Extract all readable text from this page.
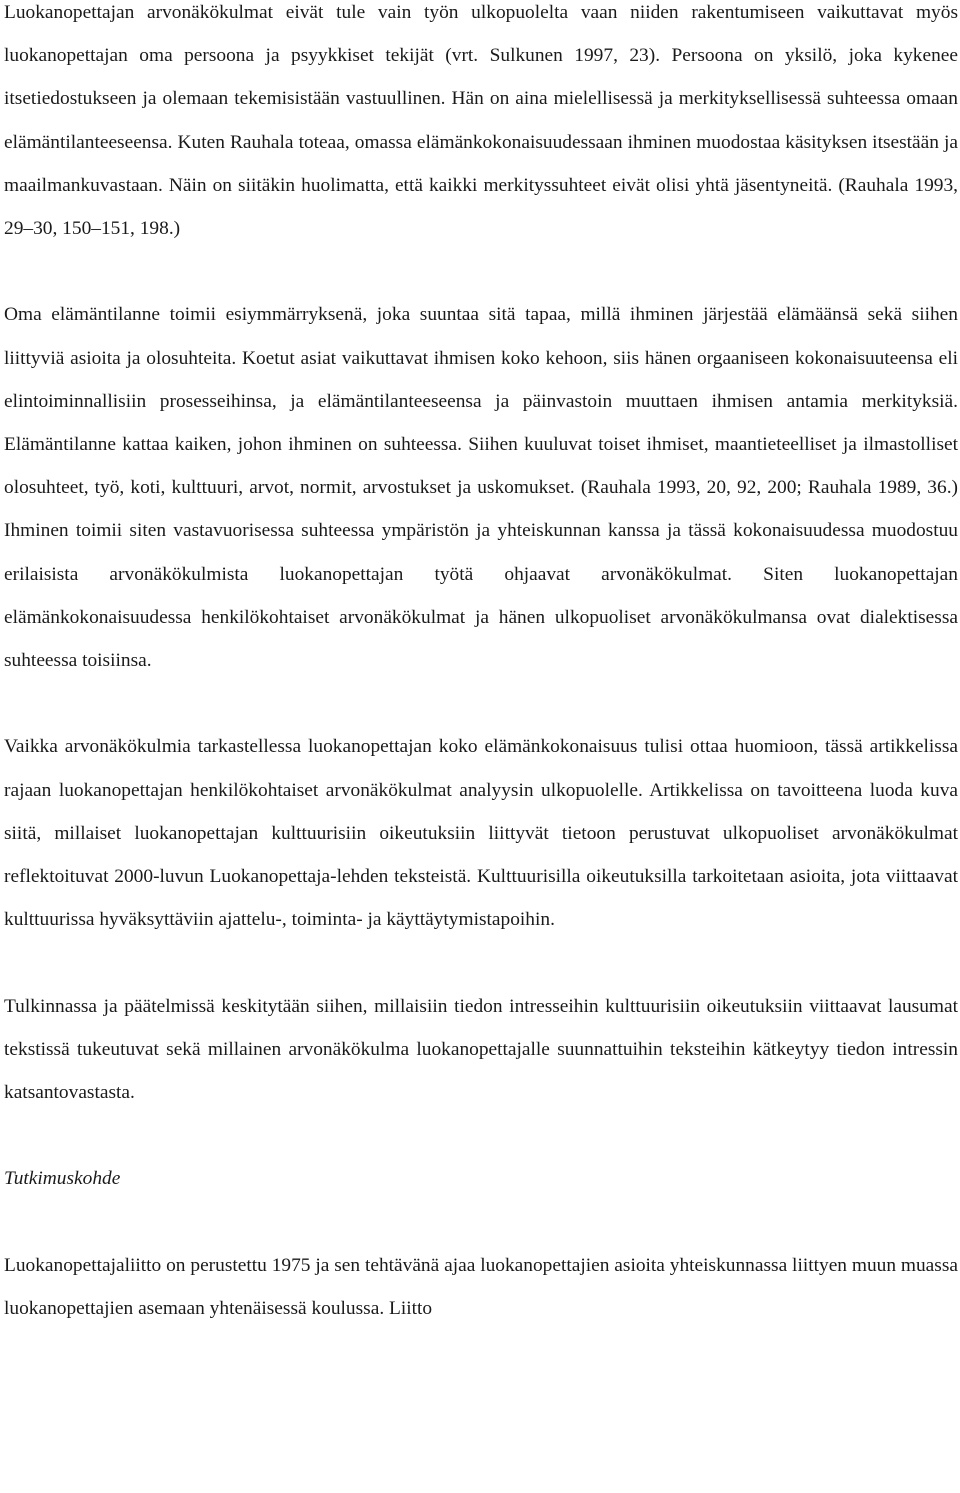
Luokanopettajan arvonäkökulmat eivät tule vain työn ulkopuolelta vaan niiden rakentumiseen vaikuttavat myös luokanopettajan oma persoona ja psyykkiset tekijät (vrt. Sulkunen 1997, 23). Persoona on yksilö, joka kykenee itsetiedostukseen ja olemaan tekemisistään vastuullinen. Hän on aina mielellisessä ja merkityksellisessä suhteessa omaan elämäntilanteeseensa. Kuten Rauhala toteaa, omassa elämänkokonaisuudessaan ihminen muodostaa käsityksen itsestään ja maailmankuvastaan. Näin on siitäkin huolimatta, että kaikki merkityssuhteet eivät olisi yhtä jäsentyneitä. (Rauhala 1993, 29–30, 150–151, 198.)

Oma elämäntilanne toimii esiymmärryksenä, joka suuntaa sitä tapaa, millä ihminen järjestää elämäänsä sekä siihen liittyviä asioita ja olosuhteita. Koetut asiat vaikuttavat ihmisen koko kehoon, siis hänen orgaaniseen kokonaisuuteensa eli elintoiminnallisiin prosesseihinsa, ja elämäntilanteeseensa ja päinvastoin muuttaen ihmisen antamia merkityksiä. Elämäntilanne kattaa kaiken, johon ihminen on suhteessa. Siihen kuuluvat toiset ihmiset, maantieteelliset ja ilmastolliset olosuhteet, työ, koti, kulttuuri, arvot, normit, arvostukset ja uskomukset. (Rauhala 1993, 20, 92, 200; Rauhala 1989, 36.) Ihminen toimii siten vastavuorisessa suhteessa ympäristön ja yhteiskunnan kanssa ja tässä kokonaisuudessa muodostuu erilaisista arvonäkökulmista luokanopettajan työtä ohjaavat arvonäkökulmat. Siten luokanopettajan elämänkokonaisuudessa henkilökohtaiset arvonäkökulmat ja hänen ulkopuoliset arvonäkökulmansa ovat dialektisessa suhteessa toisiinsa.

Vaikka arvonäkökulmia tarkastellessa luokanopettajan koko elämänkokonaisuus tulisi ottaa huomioon, tässä artikkelissa rajaan luokanopettajan henkilökohtaiset arvonäkökulmat analyysin ulkopuolelle. Artikkelissa on tavoitteena luoda kuva siitä, millaiset luokanopettajan kulttuurisiin oikeutuksiin liittyvät tietoon perustuvat ulkopuoliset arvonäkökulmat reflektoituvat 2000-luvun Luokanopettaja-lehden teksteistä. Kulttuurisilla oikeutuksilla tarkoitetaan asioita, jota viittaavat kulttuurissa hyväksyttäviin ajattelu-, toiminta- ja käyttäytymistapoihin.

Tulkinnassa ja päätelmissä keskitytään siihen, millaisiin tiedon intresseihin kulttuurisiin oikeutuksiin viittaavat lausumat tekstissä tukeutuvat sekä millainen arvonäkökulma luokanopettajalle suunnattuihin teksteihin kätkeytyy tiedon intressin katsantovastasta.

Tutkimuskohde

Luokanopettajaliitto on perustettu 1975 ja sen tehtävänä ajaa luokanopettajien asioita yhteiskunnassa liittyen muun muassa luokanopettajien asemaan yhtenäisessä koulussa. Liitto
